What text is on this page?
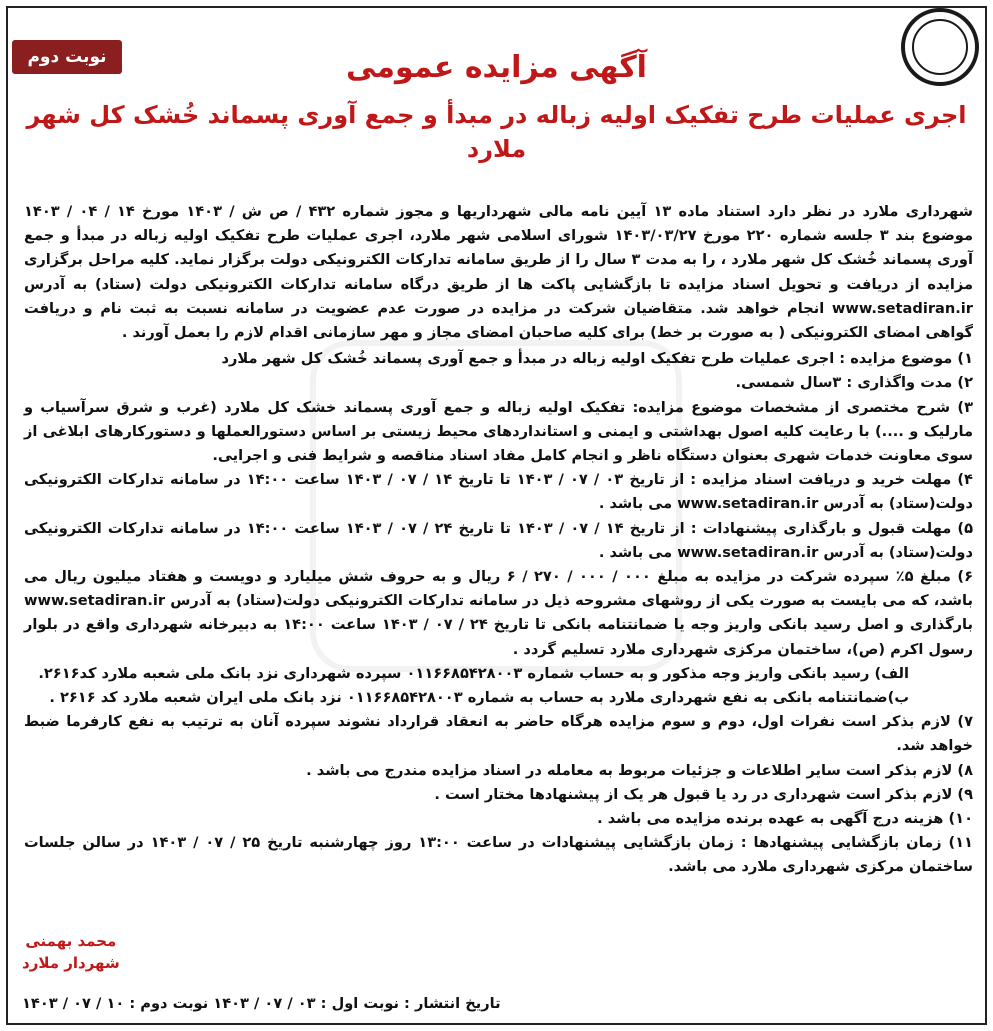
نوبت دوم	آگهی مزایده عمومی
اجری عملیات طرح تفکیک اولیه زباله در مبدأ و جمع آوری پسماند خُشک کل شهر ملارد

شهرداری ملارد در نظر دارد استناد ماده ۱۳ آیین نامه مالی شهرداریها و مجوز شماره ۴۳۲ / ص ش / ۱۴۰۳ مورخ ۱۴ / ۰۴ / ۱۴۰۳ موضوع بند ۳ جلسه شماره ۲۲۰ مورخ ۱۴۰۳/۰۳/۲۷ شورای اسلامی شهر ملارد، اجری عملیات طرح تفکیک اولیه زباله در مبدأ و جمع آوری پسماند خُشک کل شهر ملارد ، را به مدت ۳ سال را از طریق سامانه تدارکات الکترونیکی دولت برگزار نماید. کلیه مراحل برگزاری مزایده از دریافت و تحویل اسناد مزایده تا بازگشایی پاکت ها از طریق درگاه سامانه تدارکات الکترونیکی دولت (ستاد) به آدرس www.setadiran.ir انجام خواهد شد. متقاضیان شرکت در مزایده در صورت عدم عضویت در سامانه نسبت به ثبت نام و دریافت گواهی امضای الکترونیکی ( به صورت بر خط) برای کلیه صاحبان امضای مجاز و مهر سازمانی اقدام لازم را بعمل آورند .

۱) موضوع مزایده : اجری عملیات طرح تفکیک اولیه زباله در مبدأ و جمع آوری پسماند خُشک کل شهر ملارد

۲) مدت واگذاری : ۳سال شمسی.

۳) شرح مختصری از مشخصات موضوع مزایده: تفکیک اولیه زباله و جمع آوری پسماند خشک کل ملارد (غرب و شرق سرآسیاب و مارلیک و ....) با رعایت کلیه اصول بهداشتی و ایمنی و استانداردهای محیط زیستی بر اساس دستورالعملها و دستورکارهای ابلاغی از سوی معاونت خدمات شهری بعنوان دستگاه ناظر و انجام کامل مفاد اسناد مناقصه و شرایط فنی و اجرایی.

۴) مهلت خرید و دریافت اسناد مزایده : از تاریخ ۰۳ / ۰۷ / ۱۴۰۳ تا تاریخ ۱۴ / ۰۷ / ۱۴۰۳ ساعت ۱۴:۰۰ در سامانه تدارکات الکترونیکی دولت(ستاد) به آدرس www.setadiran.ir می باشد .

۵) مهلت قبول و بارگذاری پیشنهادات : از تاریخ ۱۴ / ۰۷ / ۱۴۰۳ تا تاریخ ۲۴ / ۰۷ / ۱۴۰۳ ساعت ۱۴:۰۰ در سامانه تدارکات الکترونیکی دولت(ستاد) به آدرس www.setadiran.ir می باشد .

۶) مبلغ ۵٪ سپرده شرکت در مزایده به مبلغ ۰۰۰ / ۰۰۰ / ۲۷۰ / ۶ ریال و به حروف شش میلیارد و دویست و هفتاد میلیون ریال می باشد، که می بایست به صورت یکی از روشهای مشروحه ذیل در سامانه تدارکات الکترونیکی دولت(ستاد) به آدرس www.setadiran.ir بارگذاری و اصل رسید بانکی واریز وجه یا ضمانتنامه بانکی تا تاریخ ۲۴ / ۰۷ / ۱۴۰۳ ساعت ۱۴:۰۰ به دبیرخانه شهرداری واقع در بلوار رسول اکرم (ص)، ساختمان مرکزی شهرداری ملارد تسلیم گردد .

الف) رسید بانکی واریز وجه مذکور و به حساب شماره ۰۱۱۶۶۸۵۴۲۸۰۰۳ سپرده شهرداری نزد بانک ملی شعبه ملارد کد۲۶۱۶.

ب)ضمانتنامه بانکی به نفع شهرداری ملارد به حساب به شماره ۰۱۱۶۶۸۵۴۲۸۰۰۳ نزد بانک ملی ایران شعبه ملارد کد ۲۶۱۶ .

۷) لازم بذکر است نفرات اول، دوم و سوم مزایده هرگاه حاضر به انعقاد قرارداد نشوند سپرده آنان به ترتیب به نفع کارفرما ضبط خواهد شد.

۸) لازم بذکر است سایر اطلاعات و جزئیات مربوط به معامله در اسناد مزایده مندرج می باشد .

۹) لازم بذکر است شهرداری در رد یا قبول هر یک از پیشنهادها مختار است .

۱۰) هزینه درج آگهی به عهده برنده مزایده می باشد .

۱۱) زمان بازگشایی پیشنهادها : زمان بازگشایی پیشنهادات در ساعت ۱۳:۰۰ روز چهارشنبه تاریخ ۲۵ / ۰۷ / ۱۴۰۳ در سالن جلسات ساختمان مرکزی شهرداری ملارد می باشد.

محمد بهمنی
شهردار ملارد
تاریخ انتشار : نوبت اول : ۰۳ / ۰۷ / ۱۴۰۳ نوبت دوم : ۱۰ / ۰۷ / ۱۴۰۳
